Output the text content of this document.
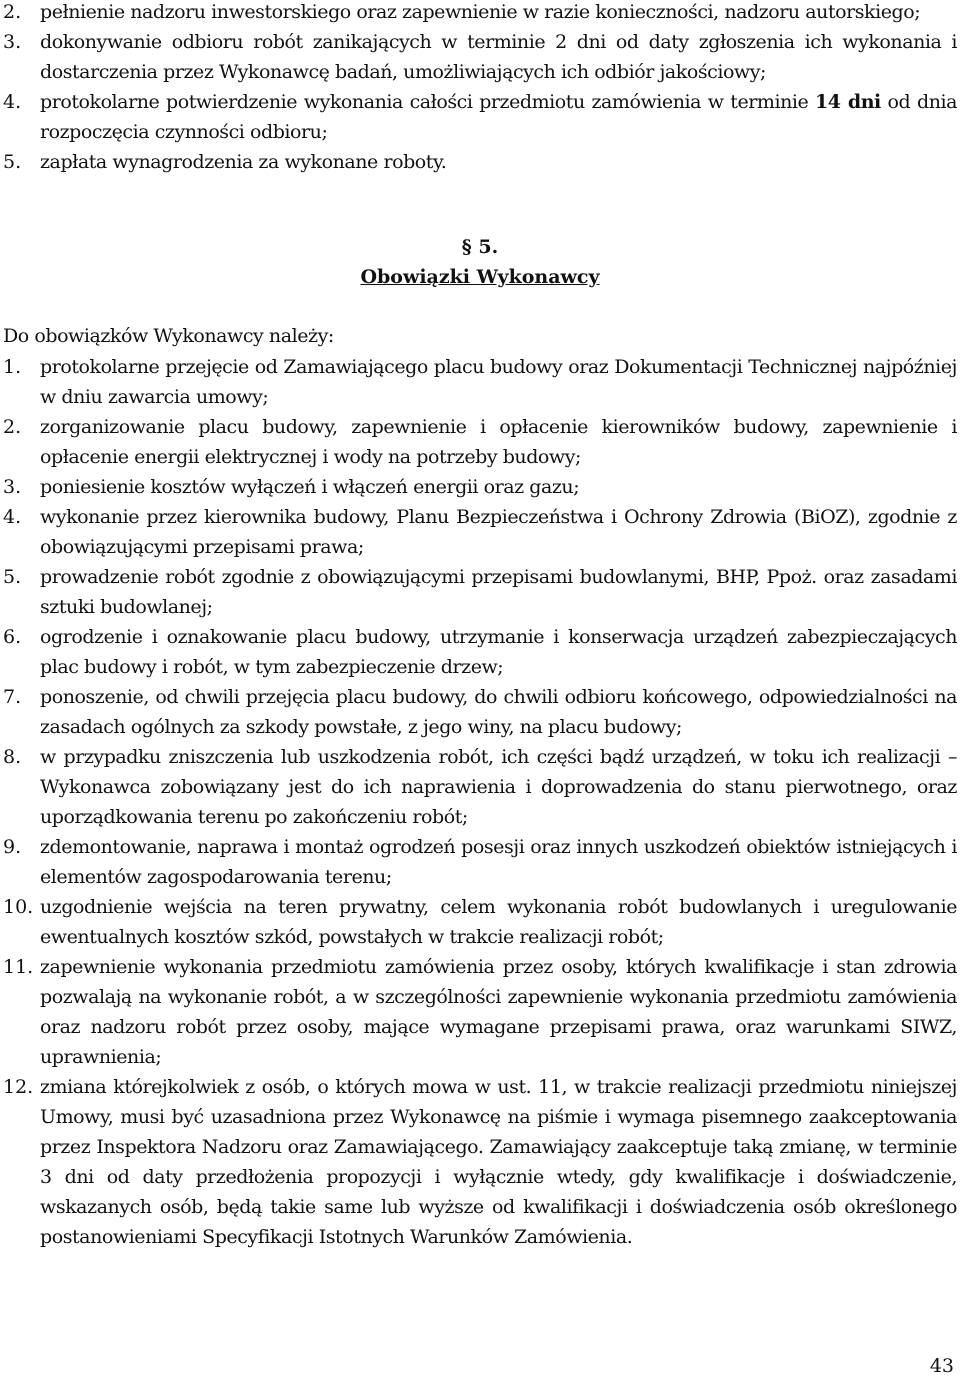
2. pełnienie nadzoru inwestorskiego oraz zapewnienie w razie konieczności, nadzoru autorskiego;
3. dokonywanie odbioru robót zanikających w terminie 2 dni od daty zgłoszenia ich wykonania i dostarczenia przez Wykonawcę badań, umożliwiających ich odbiór jakościowy;
4. protokolarne potwierdzenie wykonania całości przedmiotu zamówienia w terminie 14 dni od dnia rozpoczęcia czynności odbioru;
5. zapłata wynagrodzenia za wykonane roboty.
§ 5.
Obowiązki Wykonawcy
Do obowiązków Wykonawcy należy:
1. protokolarne przejęcie od Zamawiającego placu budowy oraz Dokumentacji Technicznej najpóźniej w dniu zawarcia umowy;
2. zorganizowanie placu budowy, zapewnienie i opłacenie kierowników budowy, zapewnienie i opłacenie energii elektrycznej i wody na potrzeby budowy;
3. poniesienie kosztów wyłączeń i włączeń energii oraz gazu;
4. wykonanie przez kierownika budowy, Planu Bezpieczeństwa i Ochrony Zdrowia (BiOZ), zgodnie z obowiązującymi przepisami prawa;
5. prowadzenie robót zgodnie z obowiązującymi przepisami budowlanymi, BHP, Ppoż. oraz zasadami sztuki budowlanej;
6. ogrodzenie i oznakowanie placu budowy, utrzymanie i konserwacja urządzeń zabezpieczających plac budowy i robót, w tym zabezpieczenie drzew;
7. ponoszenie, od chwili przejęcia placu budowy, do chwili odbioru końcowego, odpowiedzialności na zasadach ogólnych za szkody powstałe, z jego winy, na placu budowy;
8. w przypadku zniszczenia lub uszkodzenia robót, ich części bądź urządzeń, w toku ich realizacji – Wykonawca zobowiązany jest do ich naprawienia i doprowadzenia do stanu pierwotnego, oraz uporządkowania terenu po zakończeniu robót;
9. zdemontowanie, naprawa i montaż ogrodzeń posesji oraz innych uszkodzeń obiektów istniejących i elementów zagospodarowania terenu;
10. uzgodnienie wejścia na teren prywatny, celem wykonania robót budowlanych i uregulowanie ewentualnych kosztów szkód, powstałych w trakcie realizacji robót;
11. zapewnienie wykonania przedmiotu zamówienia przez osoby, których kwalifikacje i stan zdrowia pozwalają na wykonanie robót, a w szczególności zapewnienie wykonania przedmiotu zamówienia oraz nadzoru robót przez osoby, mające wymagane przepisami prawa, oraz warunkami SIWZ, uprawnienia;
12. zmiana którejkolwiek z osób, o których mowa w ust. 11, w trakcie realizacji przedmiotu niniejszej Umowy, musi być uzasadniona przez Wykonawcę na piśmie i wymaga pisemnego zaakceptowania przez Inspektora Nadzoru oraz Zamawiającego. Zamawiający zaakceptuje taką zmianę, w terminie 3 dni od daty przedłożenia propozycji i wyłącznie wtedy, gdy kwalifikacje i doświadczenie, wskazanych osób, będą takie same lub wyższe od kwalifikacji i doświadczenia osób określonego postanowieniami Specyfikacji Istotnych Warunków Zamówienia.
43
